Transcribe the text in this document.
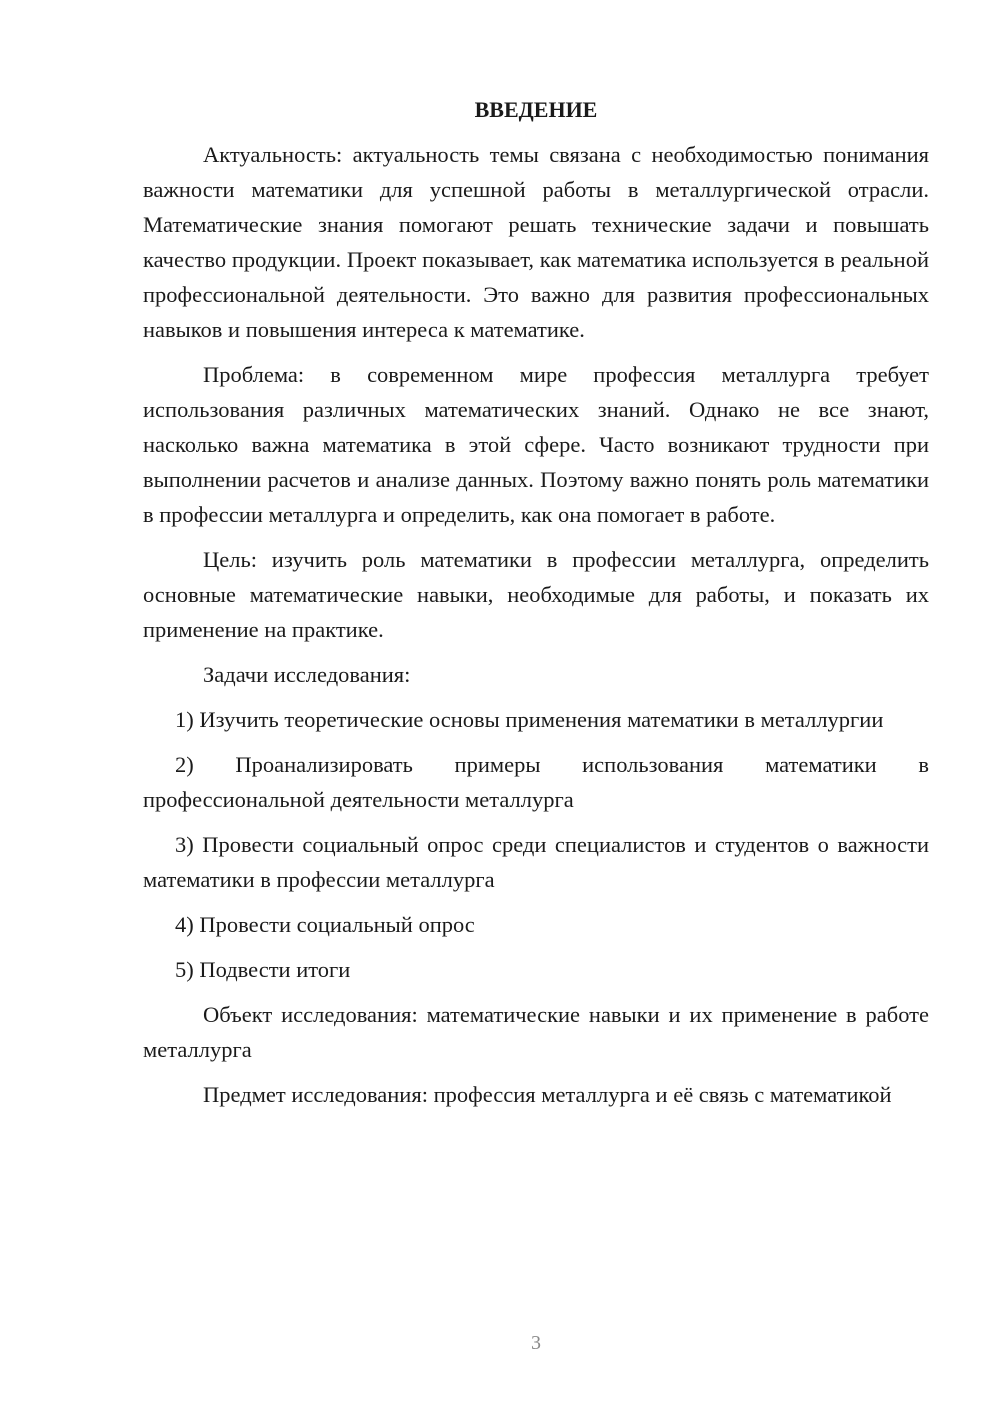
ВВЕДЕНИЕ

Актуальность: актуальность темы связана с необходимостью понимания важности математики для успешной работы в металлургической отрасли. Математические знания помогают решать технические задачи и повышать качество продукции. Проект показывает, как математика используется в реальной профессиональной деятельности. Это важно для развития профессиональных навыков и повышения интереса к математике.

Проблема: в современном мире профессия металлурга требует использования различных математических знаний. Однако не все знают, насколько важна математика в этой сфере. Часто возникают трудности при выполнении расчетов и анализе данных. Поэтому важно понять роль математики в профессии металлурга и определить, как она помогает в работе.

Цель: изучить роль математики в профессии металлурга, определить основные математические навыки, необходимые для работы, и показать их применение на практике.

Задачи исследования:

1) Изучить теоретические основы применения математики в металлургии

2) Проанализировать примеры использования математики в профессиональной деятельности металлурга

3) Провести социальный опрос среди специалистов и студентов о важности математики в профессии металлурга

4) Провести социальный опрос

5) Подвести итоги

Объект исследования: математические навыки и их применение в работе металлурга

Предмет исследования: профессия металлурга и её связь с математикой

3
